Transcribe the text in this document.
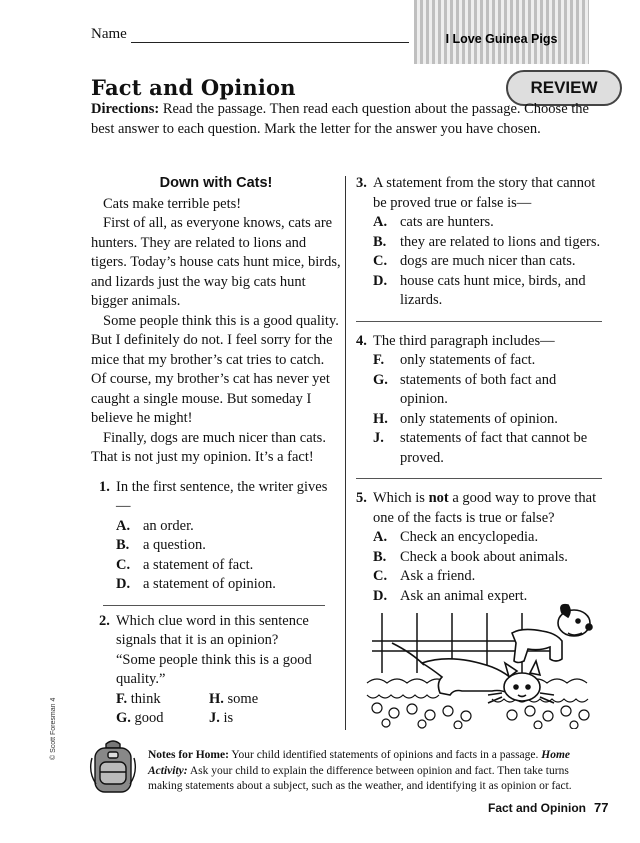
Name	I Love Guinea Pigs
REVIEW
Fact and Opinion
Directions: Read the passage. Then read each question about the passage. Choose the best answer to each question. Mark the letter for the answer you have chosen.
Down with Cats!
Cats make terrible pets!
First of all, as everyone knows, cats are hunters. They are related to lions and tigers. Today’s house cats hunt mice, birds, and lizards just the way big cats hunt bigger animals.
Some people think this is a good quality. But I definitely do not. I feel sorry for the mice that my brother’s cat tries to catch. Of course, my brother’s cat has never yet caught a single mouse. But someday I believe he might!
Finally, dogs are much nicer than cats. That is not just my opinion. It’s a fact!
1. In the first sentence, the writer gives—
A. an order.
B. a question.
C. a statement of fact.
D. a statement of opinion.
2. Which clue word in this sentence signals that it is an opinion?
“Some people think this is a good quality.”
F. think	H. some
G. good	J. is
3. A statement from the story that cannot be proved true or false is—
A. cats are hunters.
B. they are related to lions and tigers.
C. dogs are much nicer than cats.
D. house cats hunt mice, birds, and lizards.
4. The third paragraph includes—
F. only statements of fact.
G. statements of both fact and opinion.
H. only statements of opinion.
J. statements of fact that cannot be proved.
5. Which is not a good way to prove that one of the facts is true or false?
A. Check an encyclopedia.
B. Check a book about animals.
C. Ask a friend.
D. Ask an animal expert.
© Scott Foresman 4	Notes for Home: Your child identified statements of opinions and facts in a passage. Home Activity: Ask your child to explain the difference between opinion and fact. Then take turns making statements about a subject, such as the weather, and identifying it as opinion or fact.
Fact and Opinion 77
